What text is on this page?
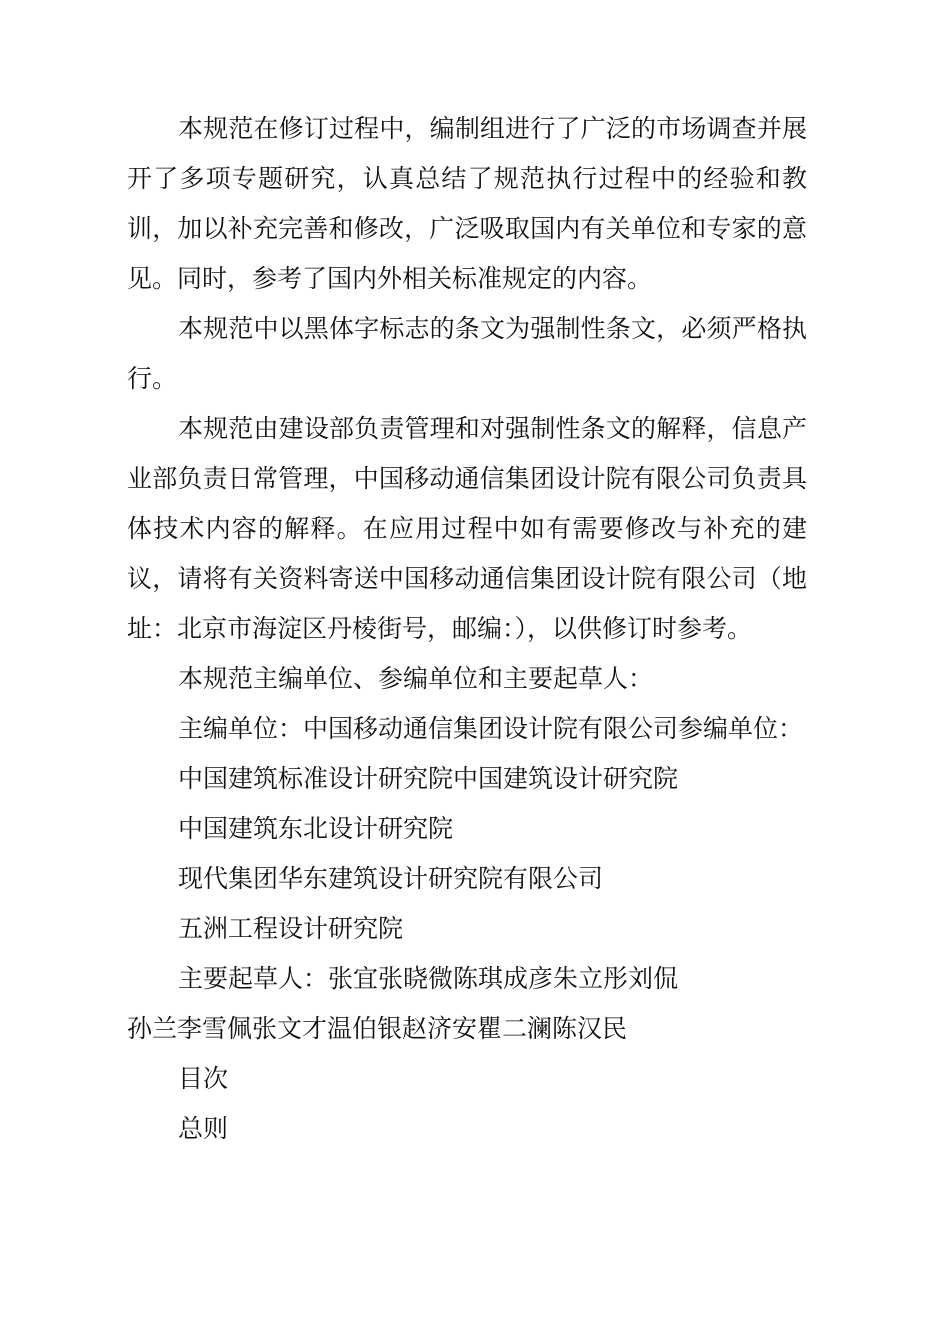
本规范在修订过程中，编制组进行了广泛的市场调查并展开了多项专题研究，认真总结了规范执行过程中的经验和教训，加以补充完善和修改，广泛吸取国内有关单位和专家的意见。同时，参考了国内外相关标准规定的内容。

本规范中以黑体字标志的条文为强制性条文，必须严格执行。

本规范由建设部负责管理和对强制性条文的解释，信息产业部负责日常管理，中国移动通信集团设计院有限公司负责具体技术内容的解释。在应用过程中如有需要修改与补充的建议，请将有关资料寄送中国移动通信集团设计院有限公司（地址：北京市海淀区丹棱街号，邮编：），以供修订时参考。

本规范主编单位、参编单位和主要起草人：

主编单位：中国移动通信集团设计院有限公司参编单位：

中国建筑标准设计研究院中国建筑设计研究院

中国建筑东北设计研究院

现代集团华东建筑设计研究院有限公司

五洲工程设计研究院

主要起草人：张宜张晓微陈琪成彦朱立彤刘侃

孙兰李雪佩张文才温伯银赵济安瞿二澜陈汉民

目次

总则
